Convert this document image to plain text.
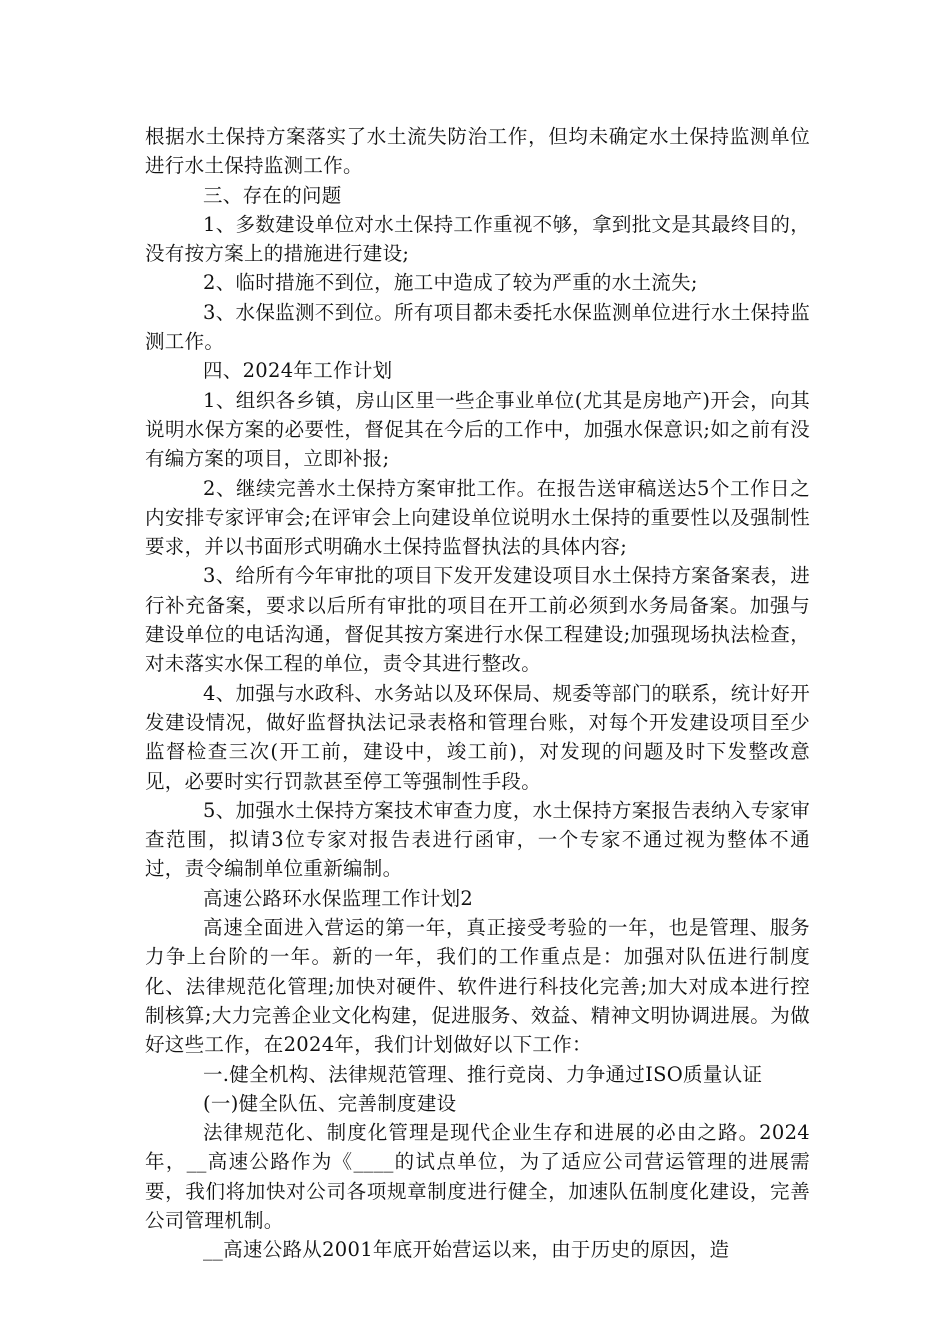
根据水土保持方案落实了水土流失防治工作，但均未确定水土保持监测单位进行水土保持监测工作。

三、存在的问题

1、多数建设单位对水土保持工作重视不够，拿到批文是其最终目的，没有按方案上的措施进行建设;

2、临时措施不到位，施工中造成了较为严重的水土流失;

3、水保监测不到位。所有项目都未委托水保监测单位进行水土保持监测工作。

四、2024年工作计划

1、组织各乡镇，房山区里一些企事业单位(尤其是房地产)开会，向其说明水保方案的必要性，督促其在今后的工作中，加强水保意识;如之前有没有编方案的项目，立即补报;

2、继续完善水土保持方案审批工作。在报告送审稿送达5个工作日之内安排专家评审会;在评审会上向建设单位说明水土保持的重要性以及强制性要求，并以书面形式明确水土保持监督执法的具体内容;

3、给所有今年审批的项目下发开发建设项目水土保持方案备案表，进行补充备案，要求以后所有审批的项目在开工前必须到水务局备案。加强与建设单位的电话沟通，督促其按方案进行水保工程建设;加强现场执法检查，对未落实水保工程的单位，责令其进行整改。

4、加强与水政科、水务站以及环保局、规委等部门的联系，统计好开发建设情况，做好监督执法记录表格和管理台账，对每个开发建设项目至少监督检查三次(开工前，建设中，竣工前)，对发现的问题及时下发整改意见，必要时实行罚款甚至停工等强制性手段。

5、加强水土保持方案技术审查力度，水土保持方案报告表纳入专家审查范围，拟请3位专家对报告表进行函审，一个专家不通过视为整体不通过，责令编制单位重新编制。

高速公路环水保监理工作计划2

高速全面进入营运的第一年，真正接受考验的一年，也是管理、服务力争上台阶的一年。新的一年，我们的工作重点是：加强对队伍进行制度化、法律规范化管理;加快对硬件、软件进行科技化完善;加大对成本进行控制核算;大力完善企业文化构建，促进服务、效益、精神文明协调进展。为做好这些工作，在2024年，我们计划做好以下工作：

一.健全机构、法律规范管理、推行竞岗、力争通过ISO质量认证

(一)健全队伍、完善制度建设

法律规范化、制度化管理是现代企业生存和进展的必由之路。2024年，__高速公路作为《____的试点单位，为了适应公司营运管理的进展需要，我们将加快对公司各项规章制度进行健全，加速队伍制度化建设，完善公司管理机制。

__高速公路从2001年底开始营运以来，由于历史的原因，造
